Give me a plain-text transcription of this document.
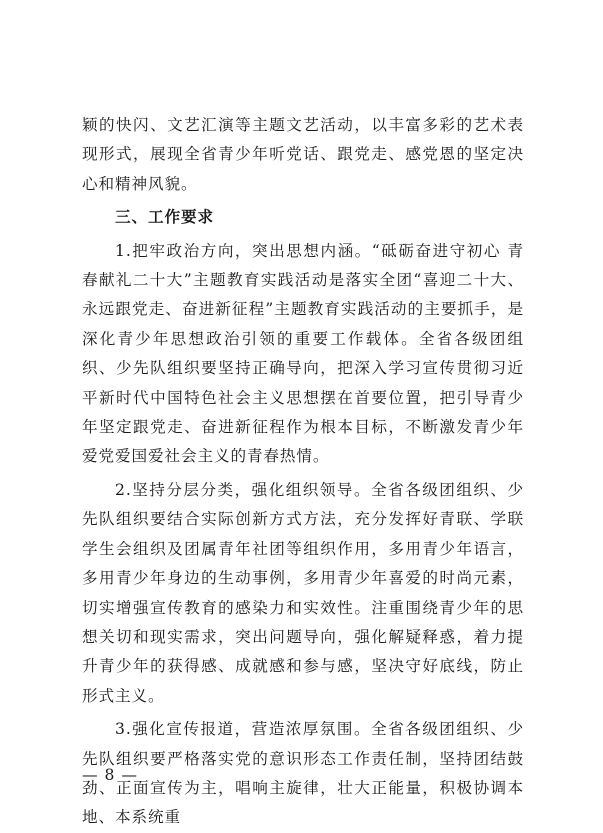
颖的快闪、文艺汇演等主题文艺活动，以丰富多彩的艺术表现形式，展现全省青少年听党话、跟党走、感党恩的坚定决心和精神风貌。

三、工作要求

1.把牢政治方向，突出思想内涵。“砥砺奋进守初心 青春献礼二十大”主题教育实践活动是落实全团“喜迎二十大、永远跟党走、奋进新征程”主题教育实践活动的主要抓手，是深化青少年思想政治引领的重要工作载体。全省各级团组织、少先队组织要坚持正确导向，把深入学习宣传贯彻习近平新时代中国特色社会主义思想摆在首要位置，把引导青少年坚定跟党走、奋进新征程作为根本目标，不断激发青少年爱党爱国爱社会主义的青春热情。

2.坚持分层分类，强化组织领导。全省各级团组织、少先队组织要结合实际创新方式方法，充分发挥好青联、学联学生会组织及团属青年社团等组织作用，多用青少年语言，多用青少年身边的生动事例，多用青少年喜爱的时尚元素，切实增强宣传教育的感染力和实效性。注重围绕青少年的思想关切和现实需求，突出问题导向，强化解疑释惑，着力提升青少年的获得感、成就感和参与感，坚决守好底线，防止形式主义。

3.强化宣传报道，营造浓厚氛围。全省各级团组织、少先队组织要严格落实党的意识形态工作责任制，坚持团结鼓劲、正面宣传为主，唱响主旋律，壮大正能量，积极协调本地、本系统重

— 8 —
